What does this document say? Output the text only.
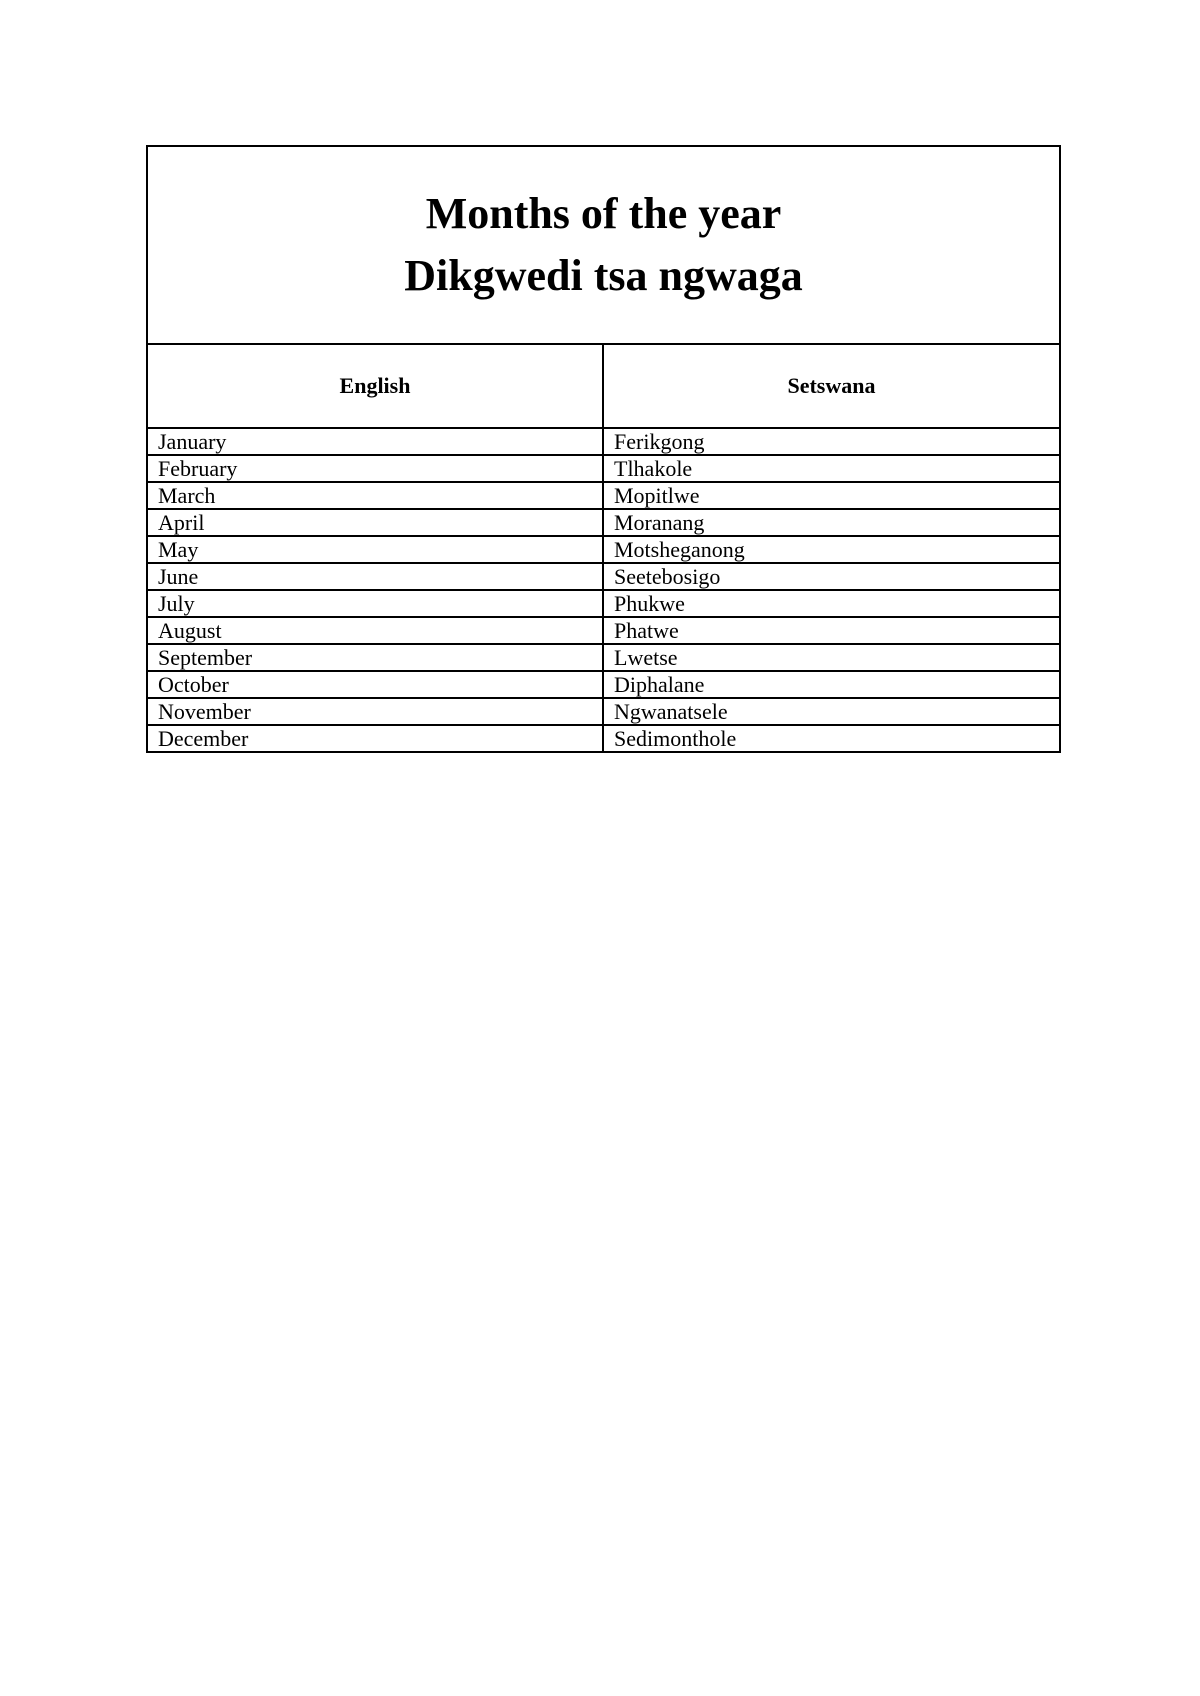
Months of the year
Dikgwedi tsa ngwaga	

English	Setswana
January	Ferikgong
February	Tlhakole
March	Mopitlwe
April	Moranang
May	Motsheganong
June	Seetebosigo
July	Phukwe
August	Phatwe
September	Lwetse
October	Diphalane
November	Ngwanatsele
December	Sedimonthole
